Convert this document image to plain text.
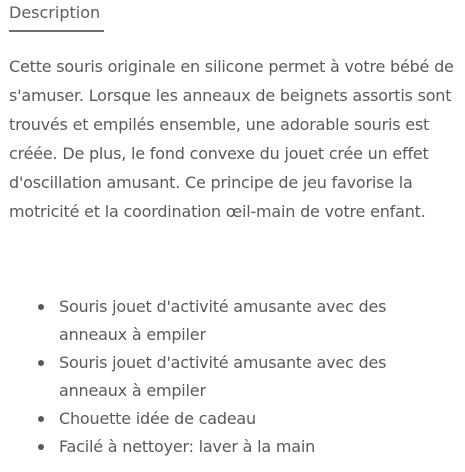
Description

Cette souris originale en silicone permet à votre bébé de s'amuser. Lorsque les anneaux de beignets assortis sont trouvés et empilés ensemble, une adorable souris est créée. De plus, le fond convexe du jouet crée un effet d'oscillation amusant. Ce principe de jeu favorise la motricité et la coordination œil-main de votre enfant.

Souris jouet d'activité amusante avec des anneaux à empiler
Souris jouet d'activité amusante avec des anneaux à empiler
Chouette idée de cadeau
Facilé à nettoyer: laver à la main
